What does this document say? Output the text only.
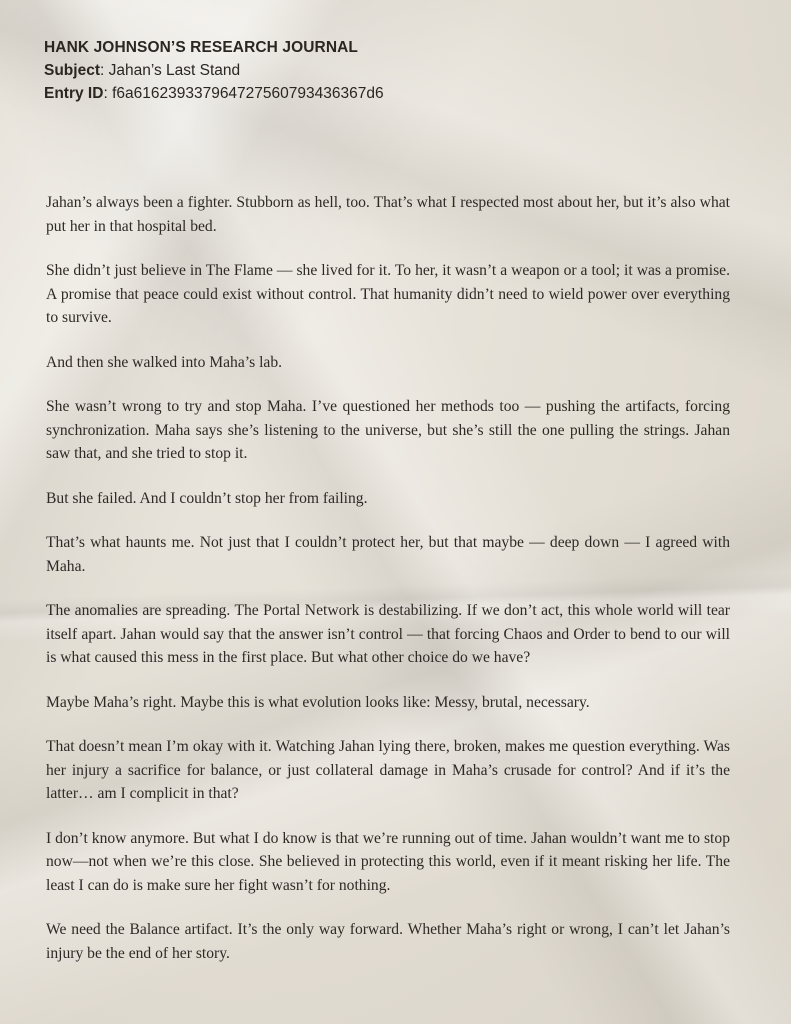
HANK JOHNSON’S RESEARCH JOURNAL
Subject: Jahan’s Last Stand
Entry ID: f6a616239337964727560793436367d6

Jahan’s always been a fighter. Stubborn as hell, too. That’s what I respected most about her, but it’s also what put her in that hospital bed.

She didn’t just believe in The Flame — she lived for it. To her, it wasn’t a weapon or a tool; it was a promise. A promise that peace could exist without control. That humanity didn’t need to wield power over everything to survive.

And then she walked into Maha’s lab.

She wasn’t wrong to try and stop Maha. I’ve questioned her methods too — pushing the artifacts, forcing synchronization. Maha says she’s listening to the universe, but she’s still the one pulling the strings. Jahan saw that, and she tried to stop it.

But she failed. And I couldn’t stop her from failing.

That’s what haunts me. Not just that I couldn’t protect her, but that maybe — deep down — I agreed with Maha.

The anomalies are spreading. The Portal Network is destabilizing. If we don’t act, this whole world will tear itself apart. Jahan would say that the answer isn’t control — that forcing Chaos and Order to bend to our will is what caused this mess in the first place. But what other choice do we have?

Maybe Maha’s right. Maybe this is what evolution looks like: Messy, brutal, necessary.

That doesn’t mean I’m okay with it. Watching Jahan lying there, broken, makes me question everything. Was her injury a sacrifice for balance, or just collateral damage in Maha’s crusade for control? And if it’s the latter… am I complicit in that?

I don’t know anymore. But what I do know is that we’re running out of time. Jahan wouldn’t want me to stop now—not when we’re this close. She believed in protecting this world, even if it meant risking her life. The least I can do is make sure her fight wasn’t for nothing.

We need the Balance artifact. It’s the only way forward. Whether Maha’s right or wrong, I can’t let Jahan’s injury be the end of her story.
